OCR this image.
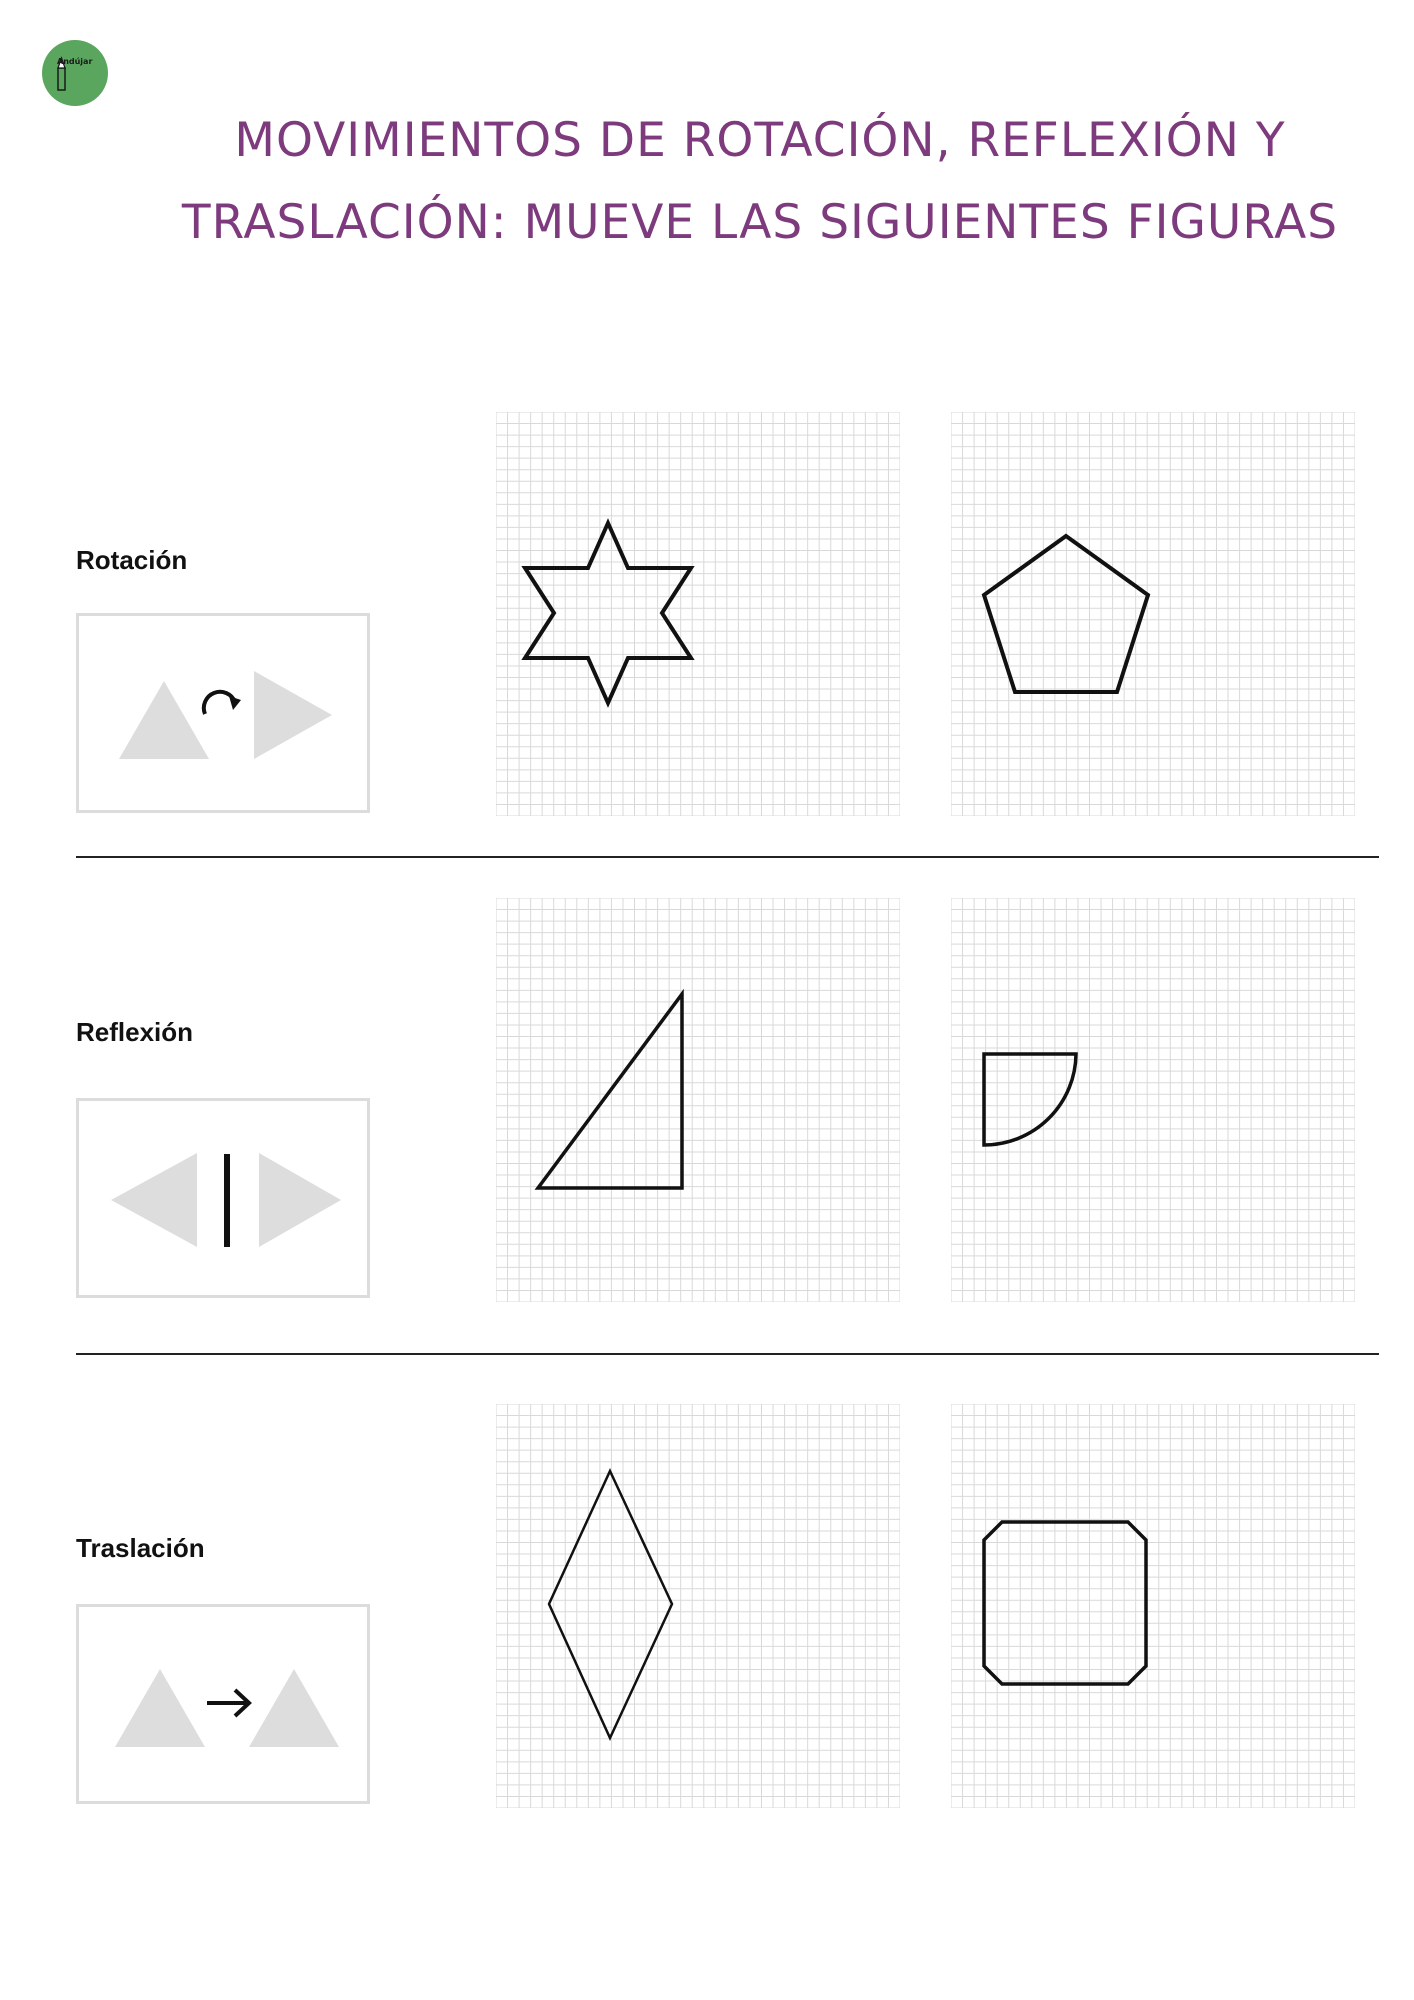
Andújar
MOVIMIENTOS DE ROTACIÓN, REFLEXIÓN Y
TRASLACIÓN: MUEVE LAS SIGUIENTES FIGURAS
Rotación
Reflexión
Traslación
